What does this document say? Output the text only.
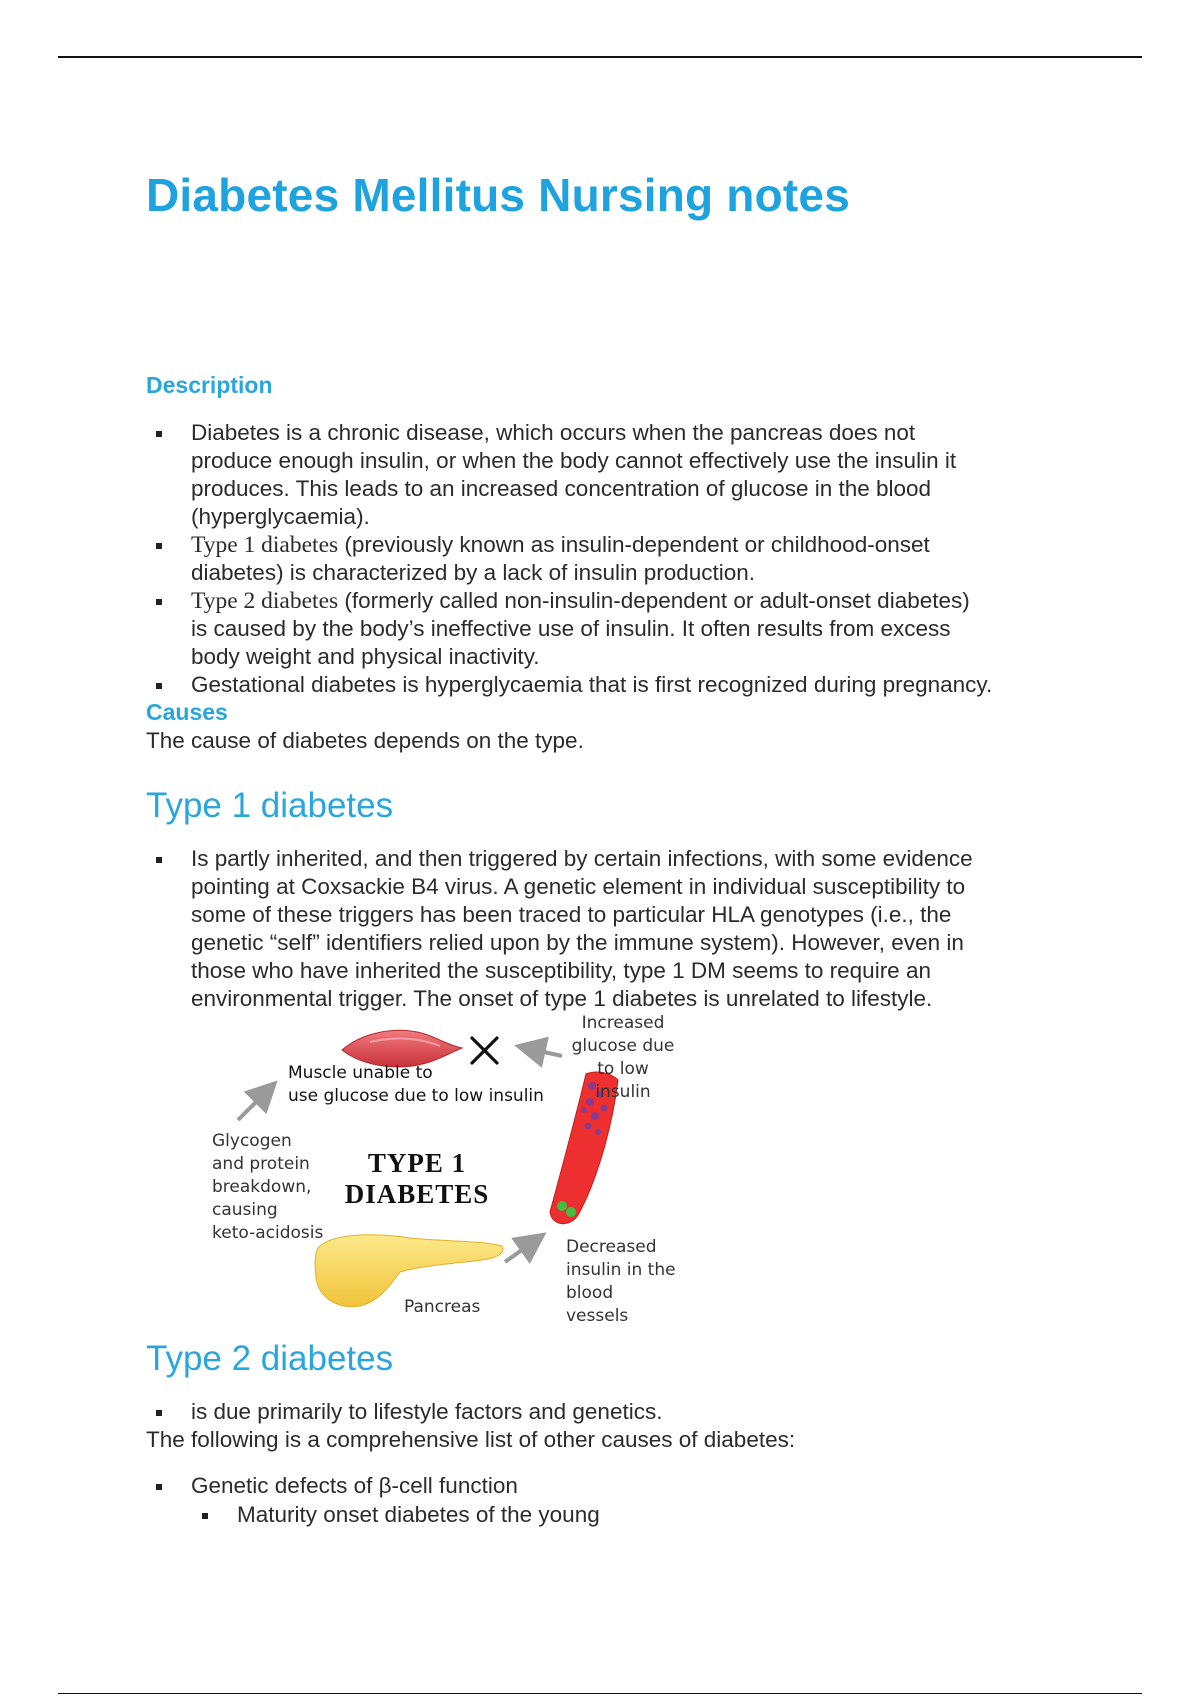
Diabetes Mellitus Nursing notes
Description
Diabetes is a chronic disease, which occurs when the pancreas does not
produce enough insulin, or when the body cannot effectively use the insulin it
produces. This leads to an increased concentration of glucose in the blood
(hyperglycaemia).
Type 1 diabetes (previously known as insulin-dependent or childhood-onset
diabetes) is characterized by a lack of insulin production.
Type 2 diabetes (formerly called non-insulin-dependent or adult-onset diabetes)
is caused by the body’s ineffective use of insulin. It often results from excess
body weight and physical inactivity.
Gestational diabetes is hyperglycaemia that is first recognized during pregnancy.
Causes

The cause of diabetes depends on the type.

Type 1 diabetes
Is partly inherited, and then triggered by certain infections, with some evidence
pointing at Coxsackie B4 virus. A genetic element in individual susceptibility to
some of these triggers has been traced to particular HLA genotypes (i.e., the
genetic “self” identifiers relied upon by the immune system). However, even in
those who have inherited the susceptibility, type 1 DM seems to require an
environmental trigger. The onset of type 1 diabetes is unrelated to lifestyle.
Type 2 diabetes
is due primarily to lifestyle factors and genetics.

The following is a comprehensive list of other causes of diabetes:

Genetic defects of β-cell function
Maturity onset diabetes of the young
Muscle unable to
use glucose due to low insulin
Increased
glucose due
to low
insulin
Glycogen
and protein
breakdown,
causing
keto-acidosis
TYPE 1
DIABETES
Decreased
insulin in the
blood
vessels
Pancreas
